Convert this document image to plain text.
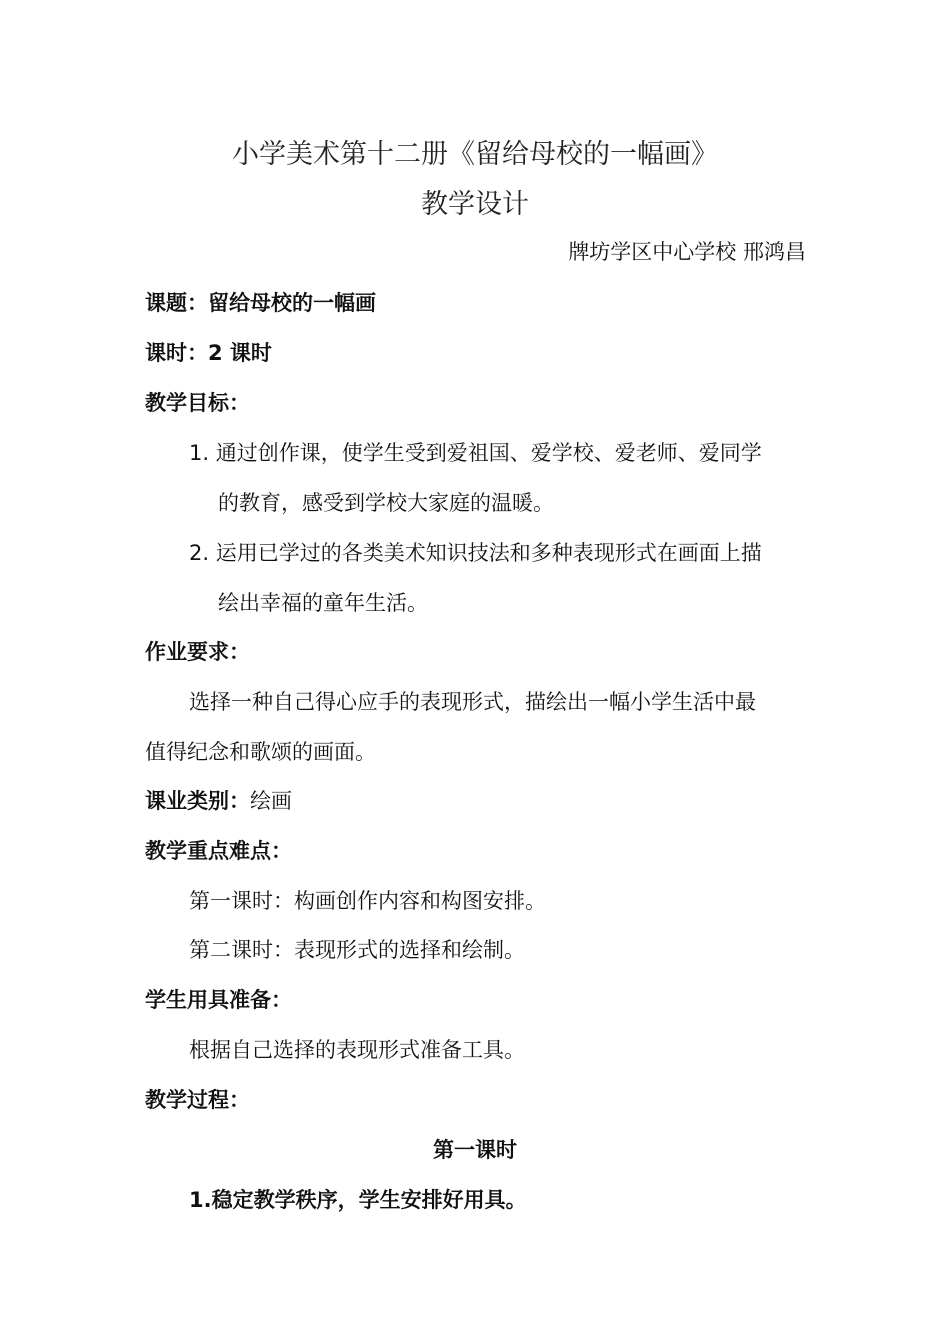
小学美术第十二册《留给母校的一幅画》
教学设计
牌坊学区中心学校 邢鸿昌
课题：留给母校的一幅画
课时：2 课时
教学目标：
1. 通过创作课，使学生受到爱祖国、爱学校、爱老师、爱同学
的教育，感受到学校大家庭的温暖。
2. 运用已学过的各类美术知识技法和多种表现形式在画面上描
绘出幸福的童年生活。
作业要求：
选择一种自己得心应手的表现形式，描绘出一幅小学生活中最
值得纪念和歌颂的画面。
课业类别：绘画
教学重点难点：
第一课时：构画创作内容和构图安排。
第二课时：表现形式的选择和绘制。
学生用具准备：
根据自己选择的表现形式准备工具。
教学过程：
第一课时
1.稳定教学秩序，学生安排好用具。
